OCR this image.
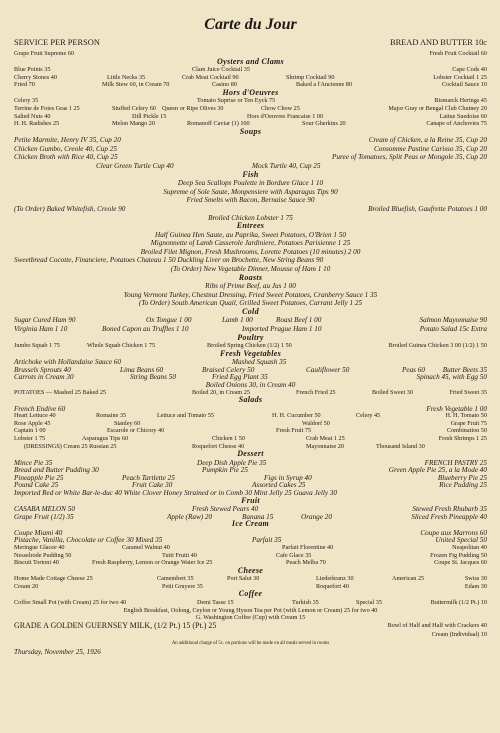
Carte du Jour
SERVICE PER PERSON	BREAD AND BUTTER 10c
Grape Fruit Supreme 60	Fresh Fruit Cocktail 60
Oysters and Clams
Blue Points 35	Clam Juice Cocktail 35	Cape Cods 40
Cherry Stones 40	Little Necks 35	Crab Meat Cocktail 90	Shrimp Cocktail 90	Lobster Cocktail 1 25
Fried 70	Milk Stew 60, in Cream 70	Casino 80	Baked a l'Ancienne 80	Cocktail Sauce 10
Hors d'Oeuvres
Celery 35	Tomato Suprise or Ten Eyck 75	Bismarck Herings 45
Terrine de Foies Gras 1 25	Stuffed Celery 60 Queen or Ripe Olives 30	Chow Chow 25	Major Gray or Bengal Club Chutney 20
Salted Nuts 40	Dill Pickle 15	Hors d'Oeuvres Francaise 1 00	Laitue Suedoise 60
H. H. Radishes 25	Melon Mango 20	Romanoff Caviar (1) 100	Sour Gherkins 20	Canape of Anchovies 75
Soups
Petite Marmite, Henry IV 35, Cup 20	Cream of Chicken, a la Reine 35, Cup 20
Chicken Gumbo, Creole 40, Cup 25	Consomme Pastine Carisso 35, Cup 20
Chicken Broth with Rice 40, Cup 25	Puree of Tomatoes, Split Peas or Mongole 35, Cup 20
Clear Green Turtle Cup 40	Mock Turtle 40, Cup 25
Fish
Deep Sea Scallops Poulette in Bordure Glace 1 10
Supreme of Sole Saute, Monpensiere with Asparagus Tips 90
Fried Smelts with Bacon, Bernaise Sauce 90
(To Order) Baked Whitefish, Creole 90	Broiled Bluefish, Gaufrette Potatoes 1 00
Broiled Chicken Lobster 1 75
Entrees
Half Guinea Hen Saute, au Paprika, Sweet Potatoes, O'Brien 1 50
Mignonnette of Lamb Casserole Jardiniere, Potatoes Parisienne 1 25
Broiled Filet Mignon, Fresh Mushrooms, Lorette Potatoes (10 minutes) 2 00
Sweetbread Cocotte, Financiere, Potatoes Chateau 1 50 Duckling Liver on Brochette, New String Beans 90
(To Order) New Vegetable Dinner, Mousse of Ham 1 10
Roasts
Ribs of Prime Beef, au Jus 1 00
Young Vermont Turkey, Chestnut Dressing, Fried Sweet Potatoes, Cranberry Sauce 1 35
(To Order) South American Quail, Grilled Sweet Potatoes, Currant Jelly 1 25
Cold
Sugar Cured Ham 90	Ox Tongue 1 00	Lamb 1 00	Roast Beef 1 00	Salmon Mayonnaise 90
Virginia Ham 1 10	Boned Capon au Truffles 1 10	Imported Prague Ham 1 10	Potato Salad 15c Extra
Poultry
Jumbo Squab 1 75	Whole Squab Chicken 1 75	Broiled Spring Chicken (1/2) 1 50	Broiled Guinea Chicken 3 00 (1/2) 1 50
Fresh Vegetables
Artichoke with Hollandaise Sauce 60	Mashed Squash 35
Brussels Sprouts 40	Lima Beans 60	Braised Celery 50	Cauliflower 50	Peas 60 Butter Beets 35
Carrots in Cream 30	String Beans 50	Fried Egg Plant 35	Spinach 45, with Egg 50
Boiled Onions 30, in Cream 40
POTATOES — Mashed 25 Baked 25	Boiled 20, in Cream 25	French Fried 25	Boiled Sweet 30	Fried Sweet 35
Salads
French Endive 60	Fresh Vegetable 1 00
Heart Lettuce 40	Romaine 35	Lettuce and Tomato 55	H. H. Cucumber 50	Celery 45	H. H. Tomato 50
Rose Apple 45	Stanley 60	Waldorf 50	Grape Fruit 75
Captain 1 00	Escarole or Chicory 40	Fresh Fruit 75	Combination 50
Lobster 1 75	Asparagus Tips 60	Chicken 1 50	Crab Meat 1 25	Fresh Shrimps 1 25
(DRESSINGS) Cream 25 Russian 25	Roquefort Cheese 40	Mayonnaise 20	Thousand Island 30
Dessert
Mince Pie 35	Deep Dish Apple Pie 35	FRENCH PASTRY 25
Bread and Butter Pudding 30	Pumpkin Pie 25	Green Apple Pie 25, a la Mode 40
Pineapple Pie 25	Peach Tartlette 25	Figs in Syrup 40	Blueberry Pie 25
Pound Cake 25	Fruit Cake 30	Assorted Cakes 25	Rice Pudding 25
Imported Red or White Bar-le-duc 40 White Clover Honey Strained or in Comb 30 Mint Jelly 25 Guava Jelly 30
Fruit
CASABA MELON 50	Fresh Stewed Pears 40	Stewed Fresh Rhubarb 35
Grape Fruit (1/2) 35	Apple (Raw) 20	Banana 15	Orange 20	Sliced Fresh Pineapple 40
Ice Cream
Coupe Miami 40	Coupe aux Marrons 60
Pistache, Vanilla, Chocolate or Coffee 30 Mixed 35	Parfait 35	United Special 50
Meringue Glacee 40	Caramel Walnut 40	Parfait Florentine 40	Neapolitan 40
Nesselrode Pudding 50	Tutti Fruiti 40	Cafe Glace 35	Frozen Fig Pudding 50
Biscuit Tortoni 40	Fresh Raspberry, Lemon or Orange Water Ice 25	Peach Melba 70	Coupe St. Jacques 60
Cheese
Home Made Cottage Cheese 25	Camembert 35	Port Salut 30	Liederkranz 30	American 25	Swiss 30
Cream 20	Petit Gruyere 35	Roquefort 40	Edam 30
Coffee
Coffee Small Pot (with Cream) 25 for two 40	Demi Tasse 15	Turkish 35	Special 35	Buttermilk (1/2 Pt.) 10
English Breakfast, Oolong, Ceylon or Young Hyson Tea per Pot (with Lemon or Cream) 25 for two 40
G. Washington Coffee (Cup) with Cream 15
GRADE A GOLDEN GUERNSEY MILK, (1/2 Pt.) 15 (Pt.) 25	Bowl of Half and Half with Crackers 40
Cream (Individual) 10
An additional charge of 5c. on portions will be made on all meals served in rooms
Thursday, November 25, 1926
